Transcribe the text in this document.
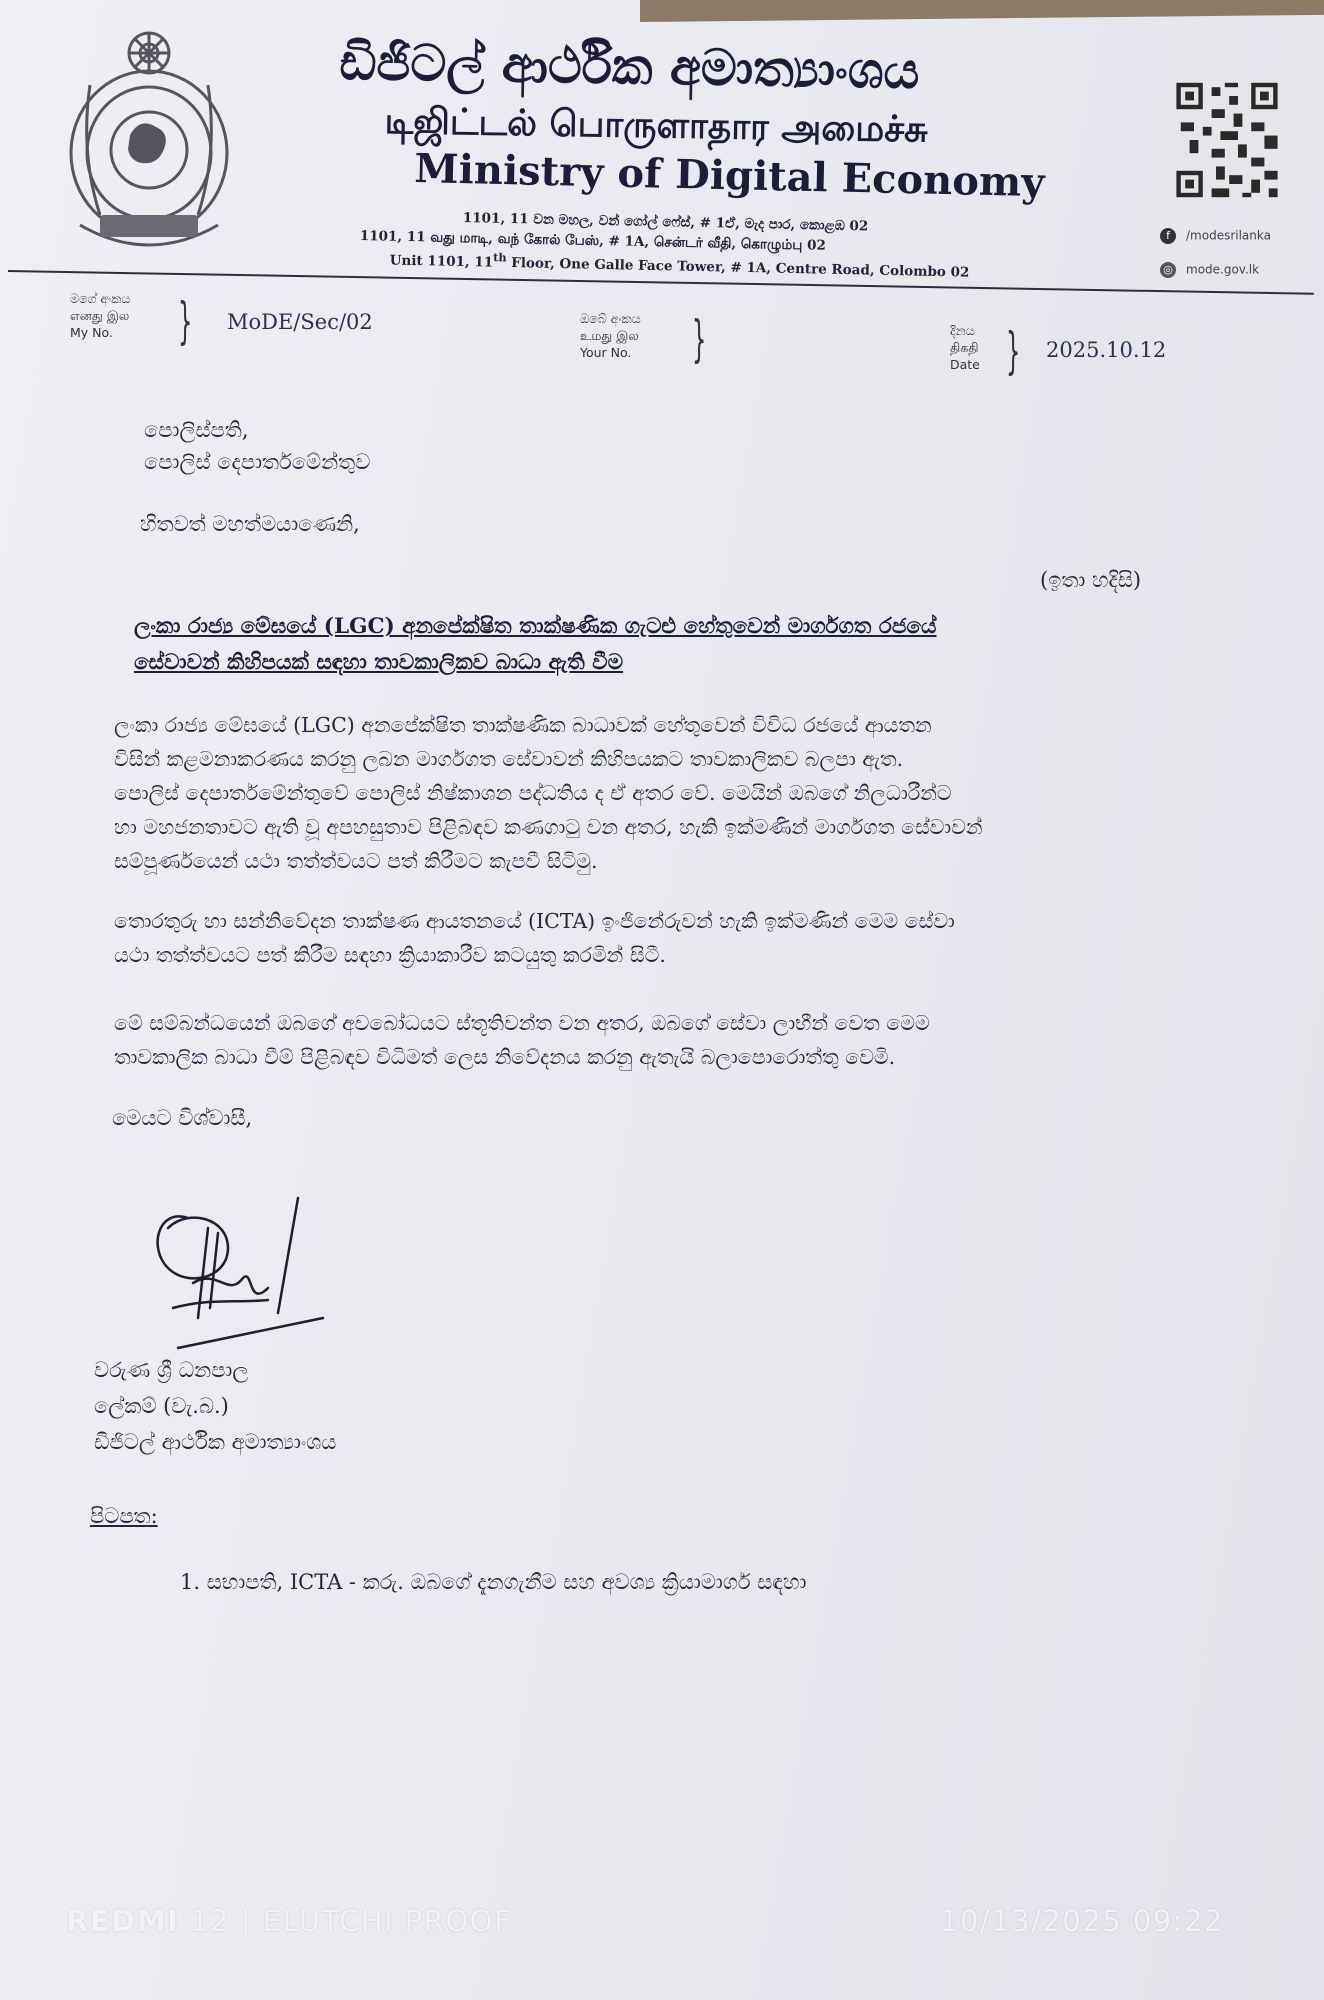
ඩිජිටල් ආර්ථික අමාත්‍යාංශය
டிஜிட்டல் பொருளாதார அமைச்சு
Ministry of Digital Economy
1101, 11 වන මහල, වන් ගෝල් ෆේස්, # 1ඒ, මැද පාර, කොළඹ 02
1101, 11 வது மாடி, வந் கோல் பேஸ், # 1A, சென்டர் வீதி, கொழும்பு 02
Unit 1101, 11th Floor, One Galle Face Tower, # 1A, Centre Road, Colombo 02
f /modesrilanka
◎ mode.gov.lk
මගේ අංකය
எனது இல
My No.	} MoDE/Sec/02	ඔබේ අංකය
உமது இல
Your No. }	දිනය
திகதி
Date } 2025.10.12
පොලිස්පති,
පොලිස් දෙපාර්තමේන්තුව
හිතවත් මහත්මයාණෙනි,
(ඉතා හදිසි)
ලංකා රාජ්‍ය මේඝයේ (LGC) අනපේක්ෂිත තාක්ෂණික ගැටළු හේතුවෙන් මාර්ගගත රජයේ
සේවාවන් කිහිපයක් සඳහා තාවකාලිකව බාධා ඇති වීම
ලංකා රාජ්‍ය මේඝයේ (LGC) අනපේක්ෂිත තාක්ෂණික බාධාවක් හේතුවෙන් විවිධ රජයේ ආයතන
විසින් කළමනාකරණය කරනු ලබන මාර්ගගත සේවාවන් කිහිපයකට තාවකාලිකව බලපා ඇත.
පොලිස් දෙපාර්තමේන්තුවේ පොලිස් නිෂ්කාශන පද්ධතිය ද ඒ අතර වේ. මෙයින් ඔබගේ නිලධාරීන්ට
හා මහජනතාවට ඇති වූ අපහසුතාව පිළිබඳව කණගාටු වන අතර, හැකි ඉක්මණින් මාර්ගගත සේවාවන්
සම්පූර්ණයෙන් යථා තත්ත්වයට පත් කිරීමට කැපවී සිටිමු.
තොරතුරු හා සන්නිවේදන තාක්ෂණ ආයතනයේ (ICTA) ඉංජිනේරුවන් හැකි ඉක්මණින් මෙම සේවා
යථා තත්ත්වයට පත් කිරීම සඳහා ක්‍රියාකාරීව කටයුතු කරමින් සිටී.
මේ සම්බන්ධයෙන් ඔබගේ අවබෝධයට ස්තූතිවන්ත වන අතර, ඔබගේ සේවා ලාභීන් වෙත මෙම
තාවකාලික බාධා වීම් පිළිබඳව විධිමත් ලෙස නිවේදනය කරනු ඇතැයි බලාපොරොත්තු වෙමි.
මෙයට විශ්වාසී,
වරුණ ශ්‍රී ධනපාල
ලේකම් (වැ.බ.)
ඩිජිටල් ආර්ථික අමාත්‍යාංශය
පිටපත:
1. සභාපති, ICTA - කරු. ඔබගේ දැනගැනීම සහ අවශ්‍ය ක්‍රියාමාර්ග සඳහා
REDMI 12 | ELUTCHI PROOF	10/13/2025 09:22
